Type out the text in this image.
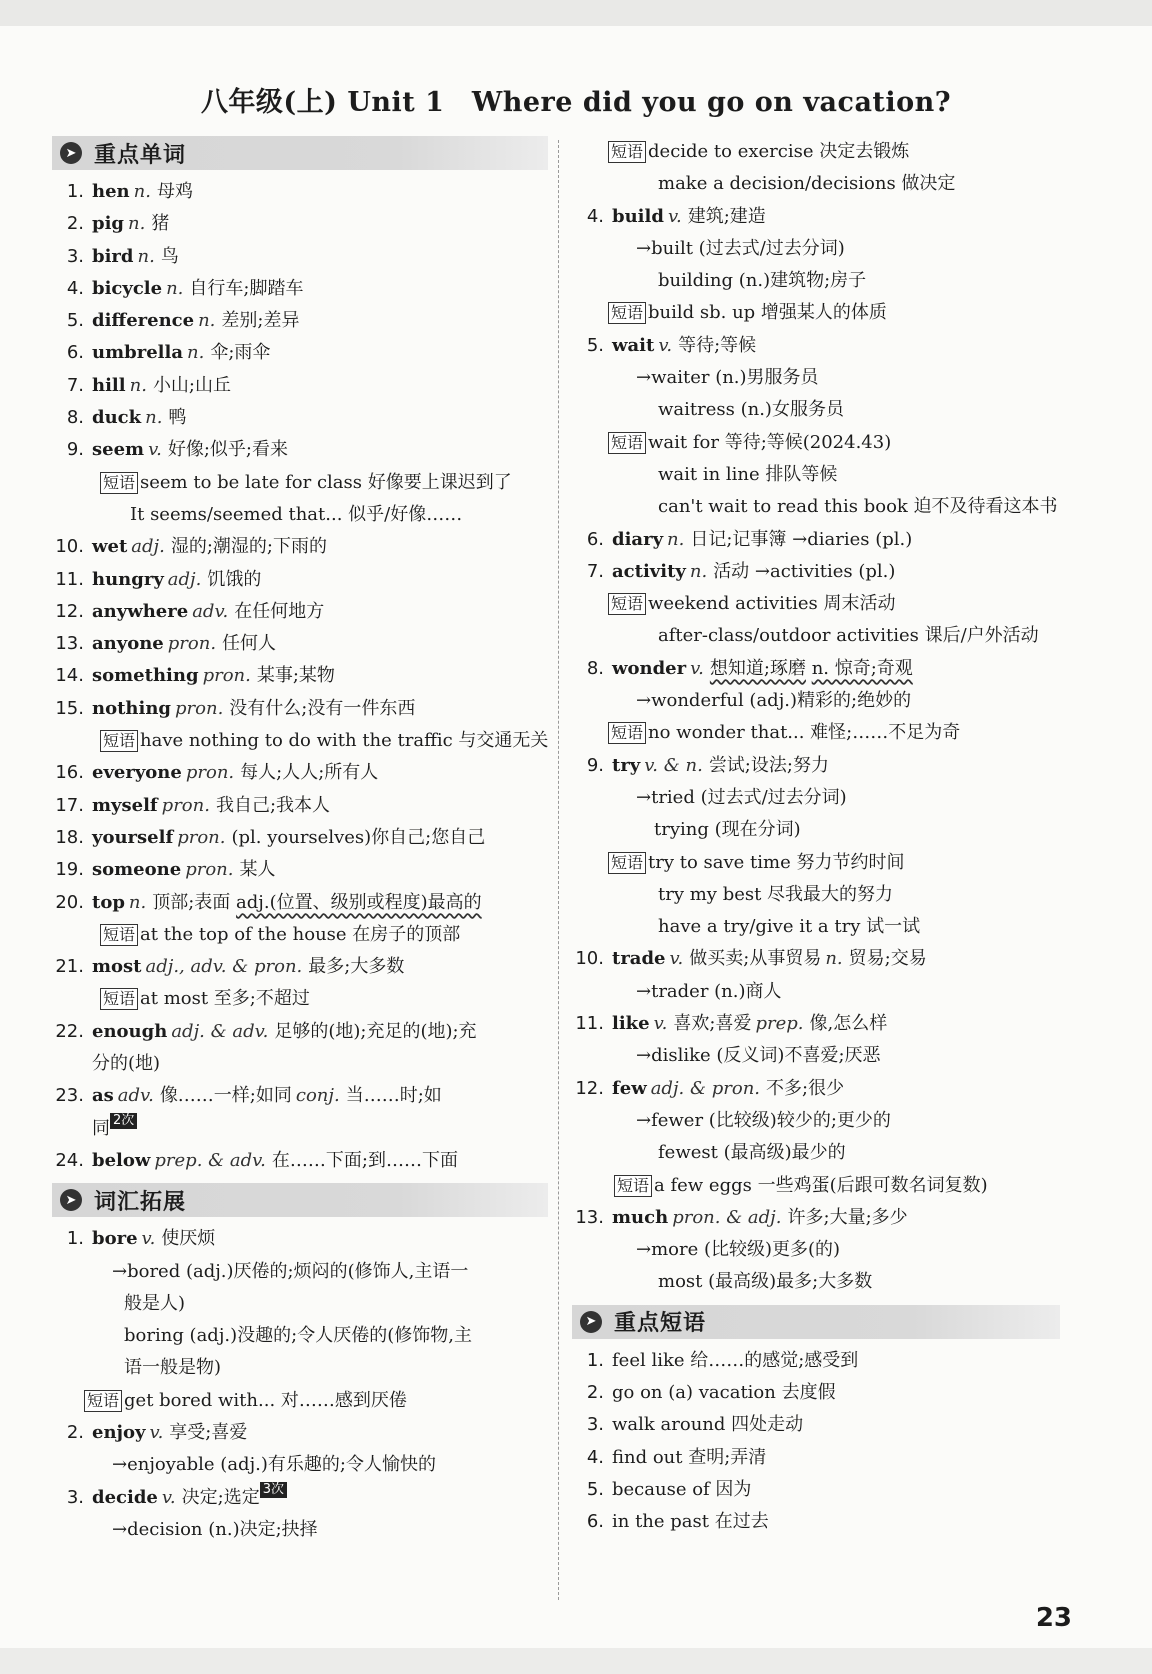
八年级(上) Unit 1　Where did you go on vacation?
➤ 重点单词
1. hen n. 母鸡
2. pig n. 猪
3. bird n. 鸟
4. bicycle n. 自行车;脚踏车
5. difference n. 差别;差异
6. umbrella n. 伞;雨伞
7. hill n. 小山;山丘
8. duck n. 鸭
9. seem v. 好像;似乎;看来
短语 seem to be late for class 好像要上课迟到了
It seems/seemed that... 似乎/好像……
10. wet adj. 湿的;潮湿的;下雨的
11. hungry adj. 饥饿的
12. anywhere adv. 在任何地方
13. anyone pron. 任何人
14. something pron. 某事;某物
15. nothing pron. 没有什么;没有一件东西
短语 have nothing to do with the traffic 与交通无关
16. everyone pron. 每人;人人;所有人
17. myself pron. 我自己;我本人
18. yourself pron. (pl. yourselves)你自己;您自己
19. someone pron. 某人
20. top n. 顶部;表面 adj.(位置、级别或程度)最高的
短语 at the top of the house 在房子的顶部
21. most adj., adv. & pron. 最多;大多数
短语 at most 至多;不超过
22. enough adj. & adv. 足够的(地);充足的(地);充
分的(地)
23. as adv. 像……一样;如同 conj. 当……时;如
同 2次
24. below prep. & adv. 在……下面;到……下面
➤ 词汇拓展
1. bore v. 使厌烦
→bored (adj.)厌倦的;烦闷的(修饰人,主语一
般是人)
boring (adj.)没趣的;令人厌倦的(修饰物,主
语一般是物)
短语 get bored with... 对……感到厌倦
2. enjoy v. 享受;喜爱
→enjoyable (adj.)有乐趣的;令人愉快的
3. decide v. 决定;选定 3次
→decision (n.)决定;抉择
短语 decide to exercise 决定去锻炼
make a decision/decisions 做决定
4. build v. 建筑;建造
→built (过去式/过去分词)
building (n.)建筑物;房子
短语 build sb. up 增强某人的体质
5. wait v. 等待;等候
→waiter (n.)男服务员
waitress (n.)女服务员
短语 wait for 等待;等候(2024.43)
wait in line 排队等候
can't wait to read this book 迫不及待看这本书
6. diary n. 日记;记事簿 →diaries (pl.)
7. activity n. 活动 →activities (pl.)
短语 weekend activities 周末活动
after-class/outdoor activities 课后/户外活动
8. wonder v. 想知道;琢磨 n. 惊奇;奇观
→wonderful (adj.)精彩的;绝妙的
短语 no wonder that... 难怪;……不足为奇
9. try v. & n. 尝试;设法;努力
→tried (过去式/过去分词)
trying (现在分词)
短语 try to save time 努力节约时间
try my best 尽我最大的努力
have a try/give it a try 试一试
10. trade v. 做买卖;从事贸易 n. 贸易;交易
→trader (n.)商人
11. like v. 喜欢;喜爱 prep. 像,怎么样
→dislike (反义词)不喜爱;厌恶
12. few adj. & pron. 不多;很少
→fewer (比较级)较少的;更少的
fewest (最高级)最少的
短语 a few eggs 一些鸡蛋(后跟可数名词复数)
13. much pron. & adj. 许多;大量;多少
→more (比较级)更多(的)
most (最高级)最多;大多数
➤ 重点短语
1. feel like 给……的感觉;感受到
2. go on (a) vacation 去度假
3. walk around 四处走动
4. find out 查明;弄清
5. because of 因为
6. in the past 在过去
23
